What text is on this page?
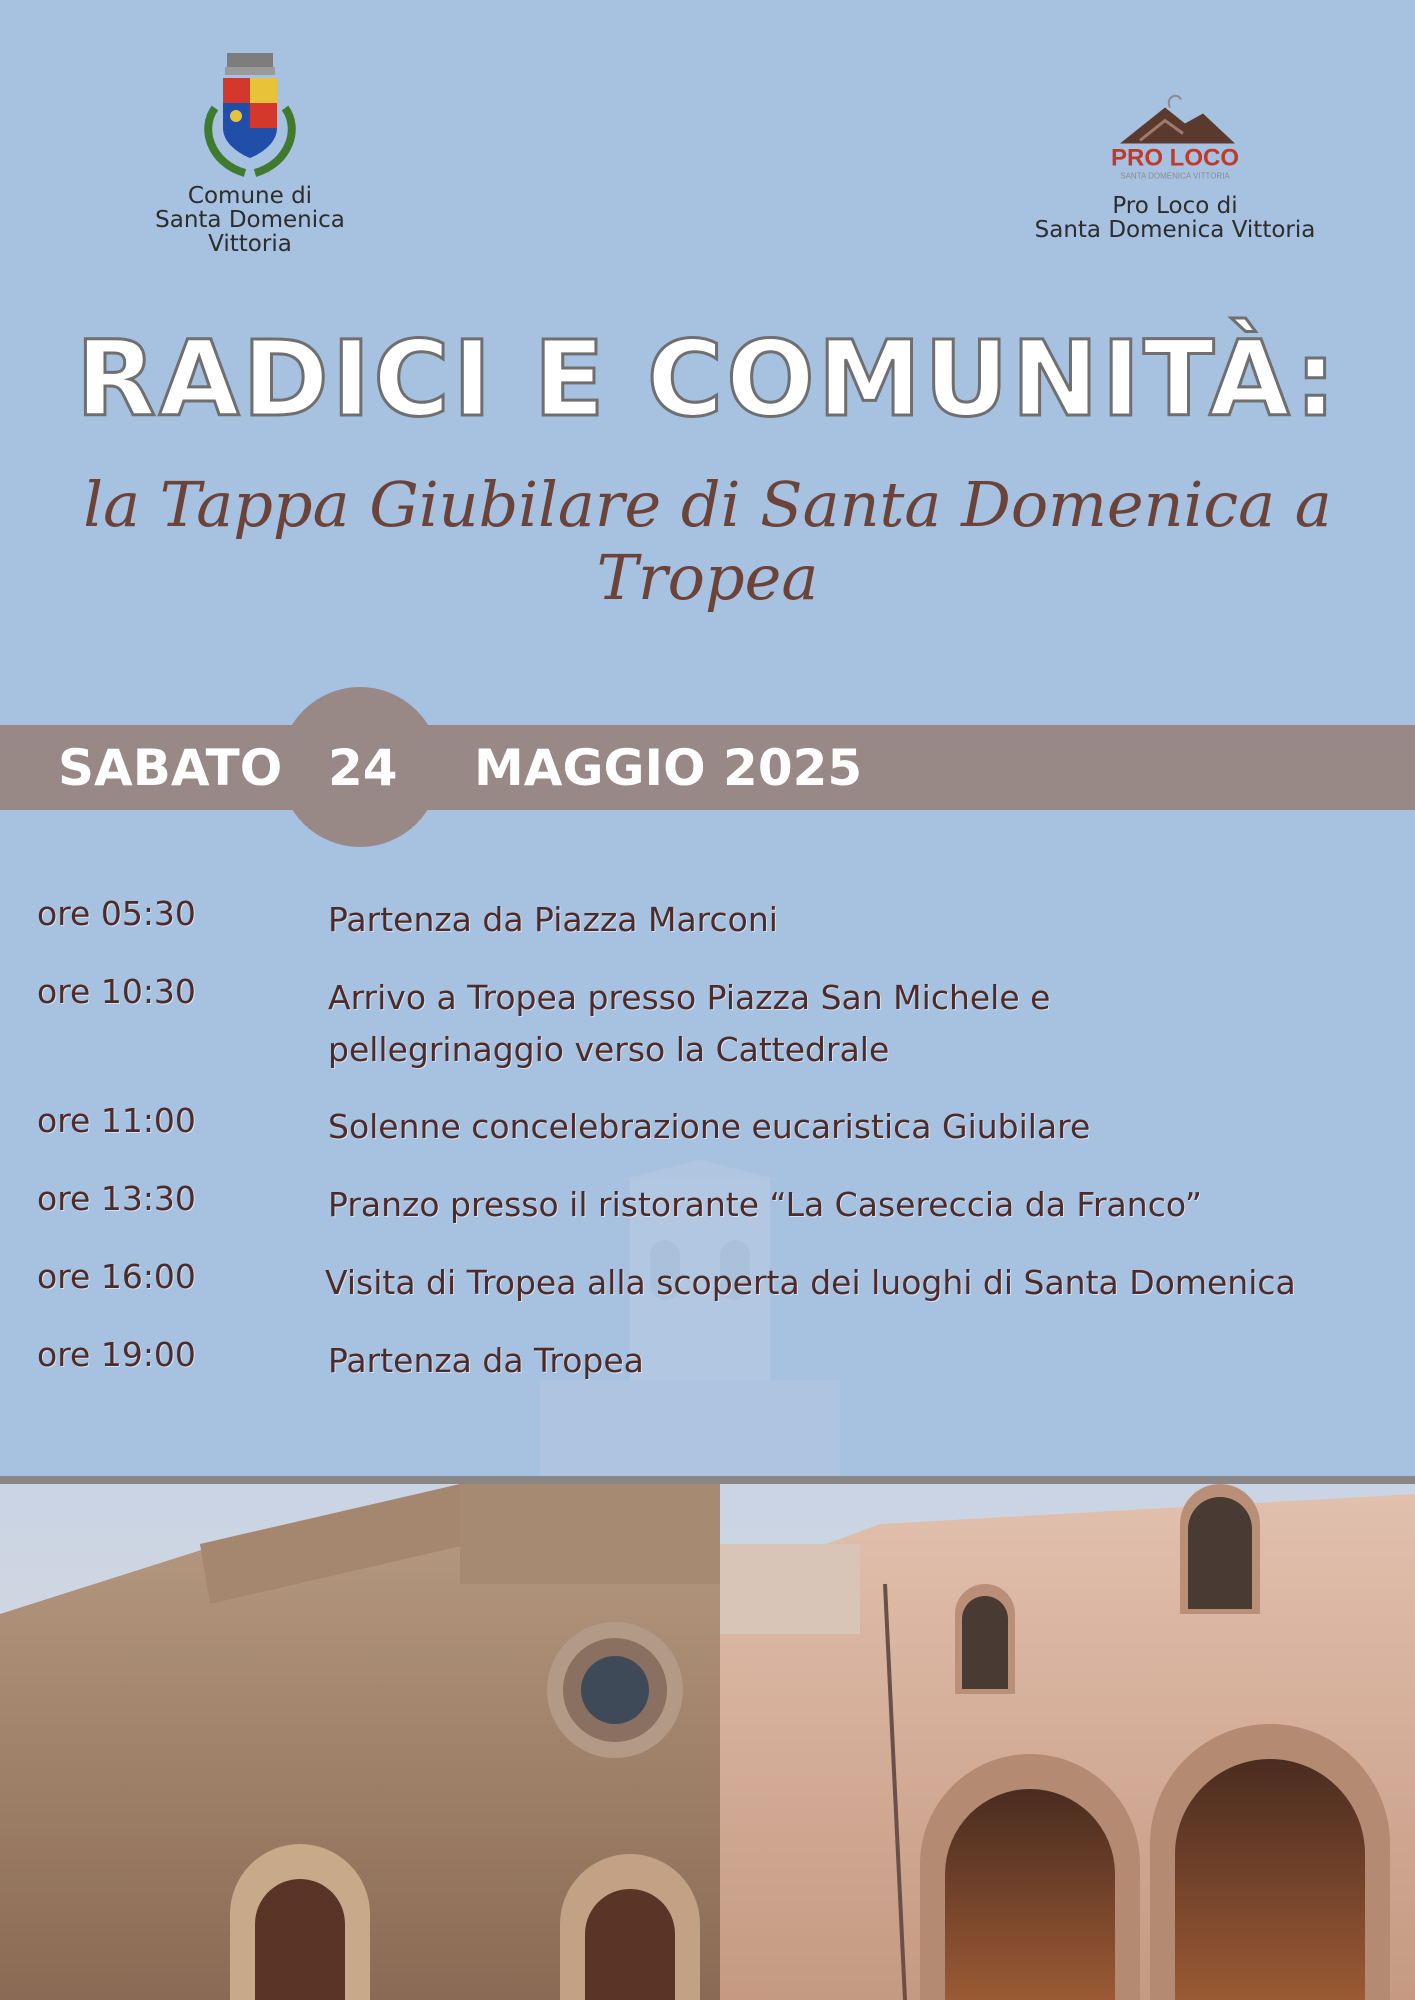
Comune di
Santa Domenica Vittoria
PRO LOCO
SANTA DOMENICA VITTORIA
Pro Loco di
Santa Domenica Vittoria
RADICI E COMUNITÀ:
la Tappa Giubilare di Santa Domenica a Tropea
SABATO 24 MAGGIO 2025
ore 05:30	Partenza da Piazza Marconi
ore 10:30	Arrivo a Tropea presso Piazza San Michele e pellegrinaggio verso la Cattedrale
ore 11:00	Solenne concelebrazione eucaristica Giubilare
ore 13:30	Pranzo presso il ristorante “La Casereccia da Franco”
ore 16:00	Visita di Tropea alla scoperta dei luoghi di Santa Domenica
ore 19:00	Partenza da Tropea
